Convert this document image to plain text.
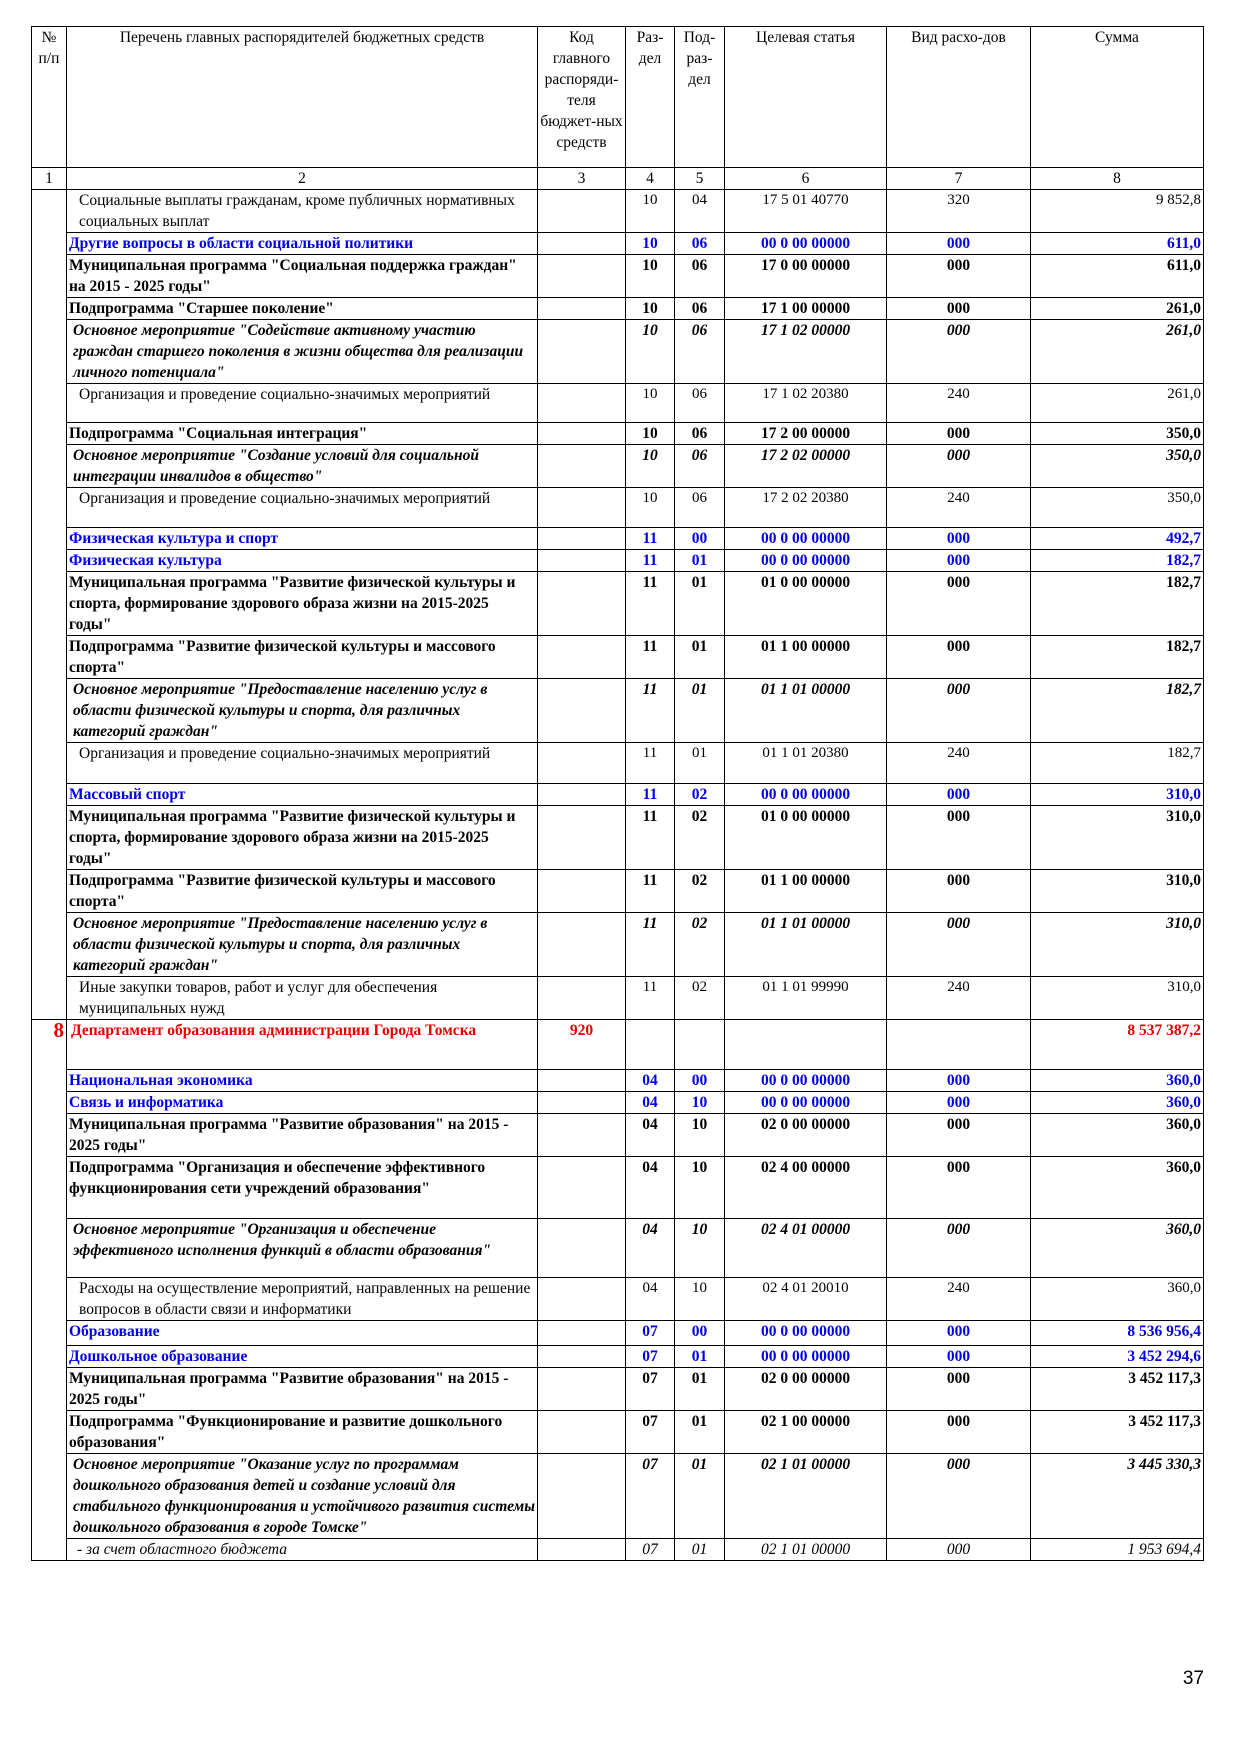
№ п/п	Перечень главных распорядителей бюджетных средств	Код главного распоряди-теля бюджет-ных средств	Раз-дел	Под-раз-дел	Целевая статья	Вид расхо-дов	Сумма
1	2	3	4	5	6	7	8
	Социальные выплаты гражданам, кроме публичных нормативных социальных выплат		10	04	17 5 01 40770	320	9 852,8
	Другие вопросы в области социальной политики		10	06	00 0 00 00000	000	611,0
	Муниципальная программа "Социальная поддержка граждан" на 2015 - 2025 годы"		10	06	17 0 00 00000	000	611,0
	Подпрограмма "Старшее поколение"		10	06	17 1 00 00000	000	261,0
	Основное мероприятие "Содействие активному участию граждан старшего поколения в жизни общества для реализации личного потенциала"		10	06	17 1 02 00000	000	261,0
	Организация и проведение социально-значимых мероприятий		10	06	17 1 02 20380	240	261,0
	Подпрограмма "Социальная интеграция"		10	06	17 2 00 00000	000	350,0
	Основное мероприятие "Создание условий для социальной интеграции инвалидов в общество"		10	06	17 2 02 00000	000	350,0
	Организация и проведение социально-значимых мероприятий		10	06	17 2 02 20380	240	350,0
	Физическая культура и спорт		11	00	00 0 00 00000	000	492,7
	Физическая культура		11	01	00 0 00 00000	000	182,7
	Муниципальная программа "Развитие физической культуры и спорта, формирование здорового образа жизни на 2015-2025 годы"		11	01	01 0 00 00000	000	182,7
	Подпрограмма "Развитие физической культуры и массового спорта"		11	01	01 1 00 00000	000	182,7
	Основное мероприятие "Предоставление населению услуг в области физической культуры и спорта, для различных категорий граждан"		11	01	01 1 01 00000	000	182,7
	Организация и проведение социально-значимых мероприятий		11	01	01 1 01 20380	240	182,7
	Массовый спорт		11	02	00 0 00 00000	000	310,0
	Муниципальная программа "Развитие физической культуры и спорта, формирование здорового образа жизни на 2015-2025 годы"		11	02	01 0 00 00000	000	310,0
	Подпрограмма "Развитие физической культуры и массового спорта"		11	02	01 1 00 00000	000	310,0
	Основное мероприятие "Предоставление населению услуг в области физической культуры и спорта, для различных категорий граждан"		11	02	01 1 01 00000	000	310,0
	Иные закупки товаров, работ и услуг для обеспечения муниципальных нужд		11	02	01 1 01 99990	240	310,0
8	Департамент образования администрации Города Томска	920					8 537 387,2
	Национальная экономика		04	00	00 0 00 00000	000	360,0
	Связь и информатика		04	10	00 0 00 00000	000	360,0
	Муниципальная программа "Развитие образования" на 2015 - 2025 годы"		04	10	02 0 00 00000	000	360,0
	Подпрограмма "Организация и обеспечение эффективного функционирования сети учреждений образования"		04	10	02 4 00 00000	000	360,0
	Основное мероприятие "Организация и обеспечение эффективного исполнения функций в области образования"		04	10	02 4 01 00000	000	360,0
	Расходы на осуществление мероприятий, направленных на решение вопросов в области связи и информатики		04	10	02 4 01 20010	240	360,0
	Образование		07	00	00 0 00 00000	000	8 536 956,4
	Дошкольное образование		07	01	00 0 00 00000	000	3 452 294,6
	Муниципальная программа "Развитие образования" на 2015 - 2025 годы"		07	01	02 0 00 00000	000	3 452 117,3
	Подпрограмма "Функционирование и развитие дошкольного образования"		07	01	02 1 00 00000	000	3 452 117,3
	Основное мероприятие "Оказание услуг по программам дошкольного образования детей и создание условий для стабильного функционирования и устойчивого развития системы дошкольного образования в городе Томске"		07	01	02 1 01 00000	000	3 445 330,3
	- за счет областного бюджета		07	01	02 1 01 00000	000	1 953 694,4
37
